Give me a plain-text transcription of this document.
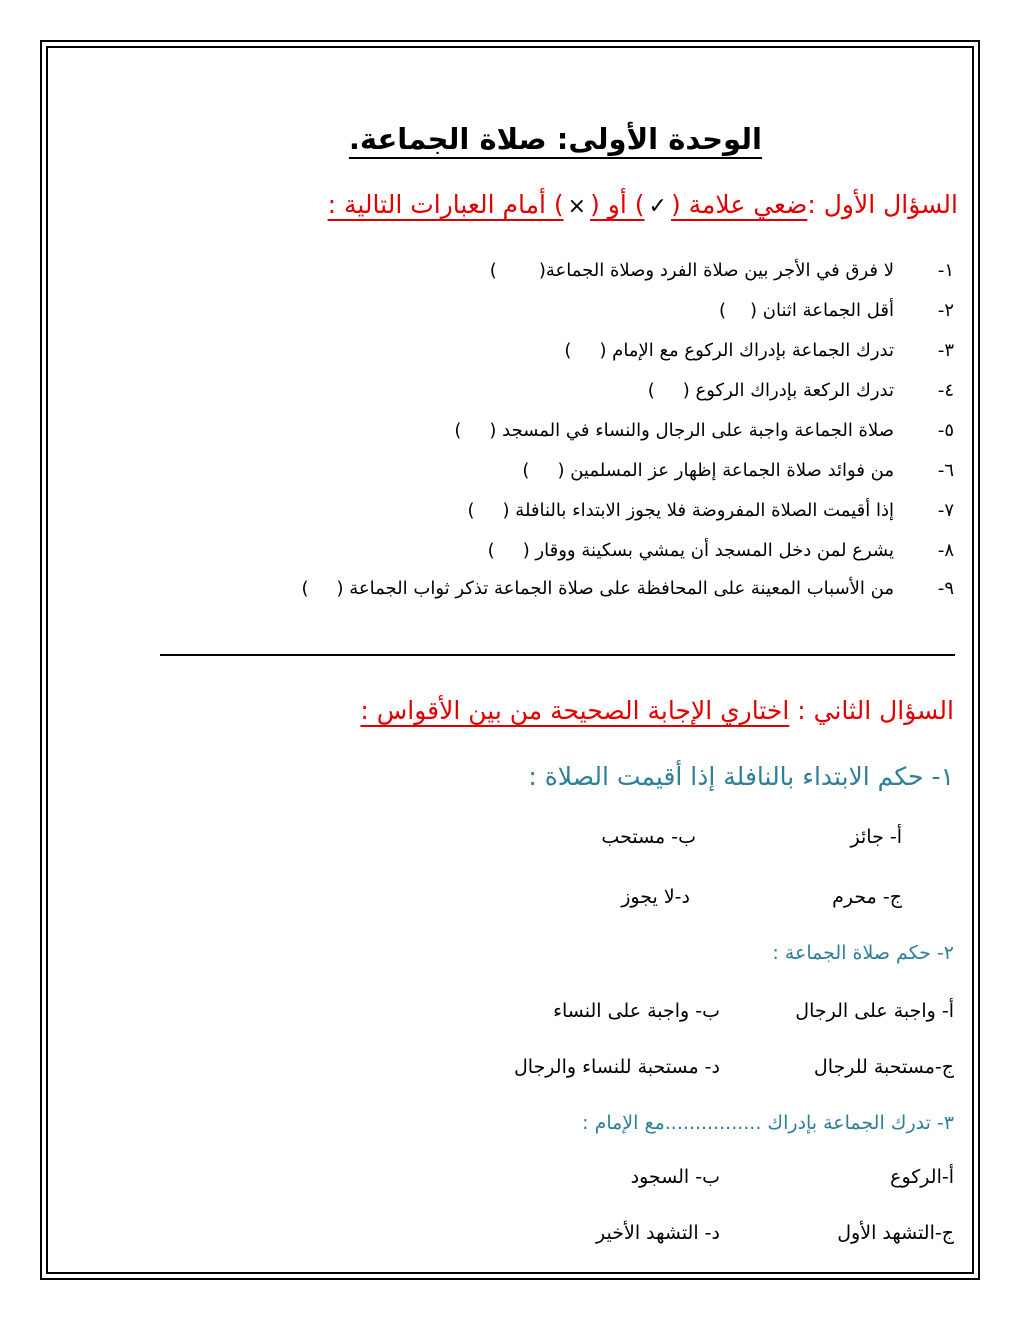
الوحدة الأولى: صلاة الجماعة.
السؤال الأول :ضعي علامة (✓) أو (×) أمام العبارات التالية :
١-
لا فرق في الأجر بين صلاة الفرد وصلاة الجماعة()
٢-
أقل الجماعة اثنان ()
٣-
تدرك الجماعة بإدراك الركوع مع الإمام ()
٤-
تدرك الركعة بإدراك الركوع ()
٥-
صلاة الجماعة واجبة على الرجال والنساء في المسجد ()
٦-
من فوائد صلاة الجماعة إظهار عز المسلمين ()
٧-
إذا أقيمت الصلاة المفروضة فلا يجوز الابتداء بالنافلة ()
٨-
يشرع لمن دخل المسجد أن يمشي بسكينة ووقار ()
٩-
من الأسباب المعينة على المحافظة على صلاة الجماعة تذكر ثواب الجماعة ()
السؤال الثاني : اختاري الإجابة الصحيحة من بين الأقواس :
١- حكم الابتداء بالنافلة إذا أقيمت الصلاة :
أ- جائز
ب- مستحب
ج- محرم
د-لا يجوز
٢- حكم صلاة الجماعة :
أ- واجبة على الرجال
ب- واجبة على النساء
ج-مستحبة للرجال
د- مستحبة للنساء والرجال
٣- تدرك الجماعة بإدراك ................مع الإمام :
أ-الركوع
ب- السجود
ج-التشهد الأول
د- التشهد الأخير
